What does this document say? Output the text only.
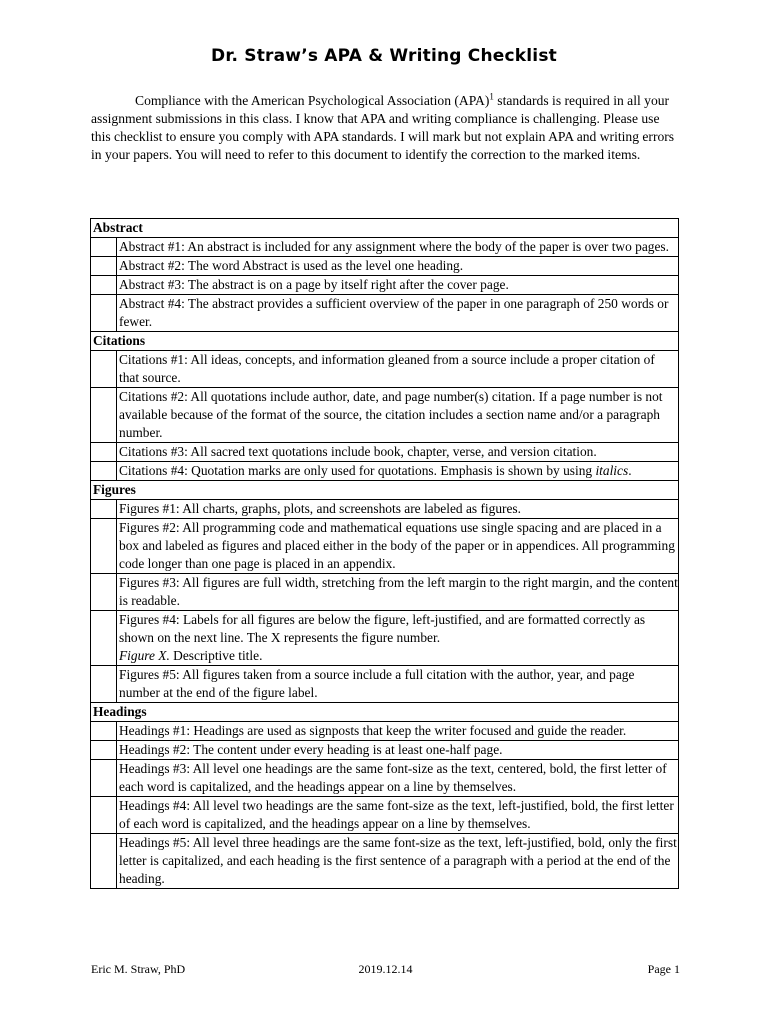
Dr. Straw’s APA & Writing Checklist

Compliance with the American Psychological Association (APA)$^1$ standards is required in all your assignment submissions in this class. I know that APA and writing compliance is challenging. Please use this checklist to ensure you comply with APA standards. I will mark but not explain APA and writing errors in your papers. You will need to refer to this document to identify the correction to the marked items.

Abstract	
	Abstract #1: An abstract is included for any assignment where the body of the paper is over two pages.
	Abstract #2: The word Abstract is used as the level one heading.
	Abstract #3: The abstract is on a page by itself right after the cover page.
	Abstract #4: The abstract provides a sufficient overview of the paper in one paragraph of 250 words or fewer.
Citations	
	Citations #1: All ideas, concepts, and information gleaned from a source include a proper citation of that source.
	Citations #2: All quotations include author, date, and page number(s) citation. If a page number is not available because of the format of the source, the citation includes a section name and/or a paragraph number.
	Citations #3: All sacred text quotations include book, chapter, verse, and version citation.
	Citations #4: Quotation marks are only used for quotations. Emphasis is shown by using italics.
Figures	
	Figures #1: All charts, graphs, plots, and screenshots are labeled as figures.
	Figures #2: All programming code and mathematical equations use single spacing and are placed in a box and labeled as figures and placed either in the body of the paper or in appendices. All programming code longer than one page is placed in an appendix.
	Figures #3: All figures are full width, stretching from the left margin to the right margin, and the content is readable.
	Figures #4: Labels for all figures are below the figure, left-justified, and are formatted correctly as shown on the next line. The X represents the figure number.
Figure X. Descriptive title.
	Figures #5: All figures taken from a source include a full citation with the author, year, and page number at the end of the figure label.
Headings	
	Headings #1: Headings are used as signposts that keep the writer focused and guide the reader.
	Headings #2: The content under every heading is at least one-half page.
	Headings #3: All level one headings are the same font-size as the text, centered, bold, the first letter of each word is capitalized, and the headings appear on a line by themselves.
	Headings #4: All level two headings are the same font-size as the text, left-justified, bold, the first letter of each word is capitalized, and the headings appear on a line by themselves.
	Headings #5: All level three headings are the same font-size as the text, left-justified, bold, only the first letter is capitalized, and each heading is the first sentence of a paragraph with a period at the end of the heading.
Eric M. Straw, PhD	2019.12.14	Page 1
